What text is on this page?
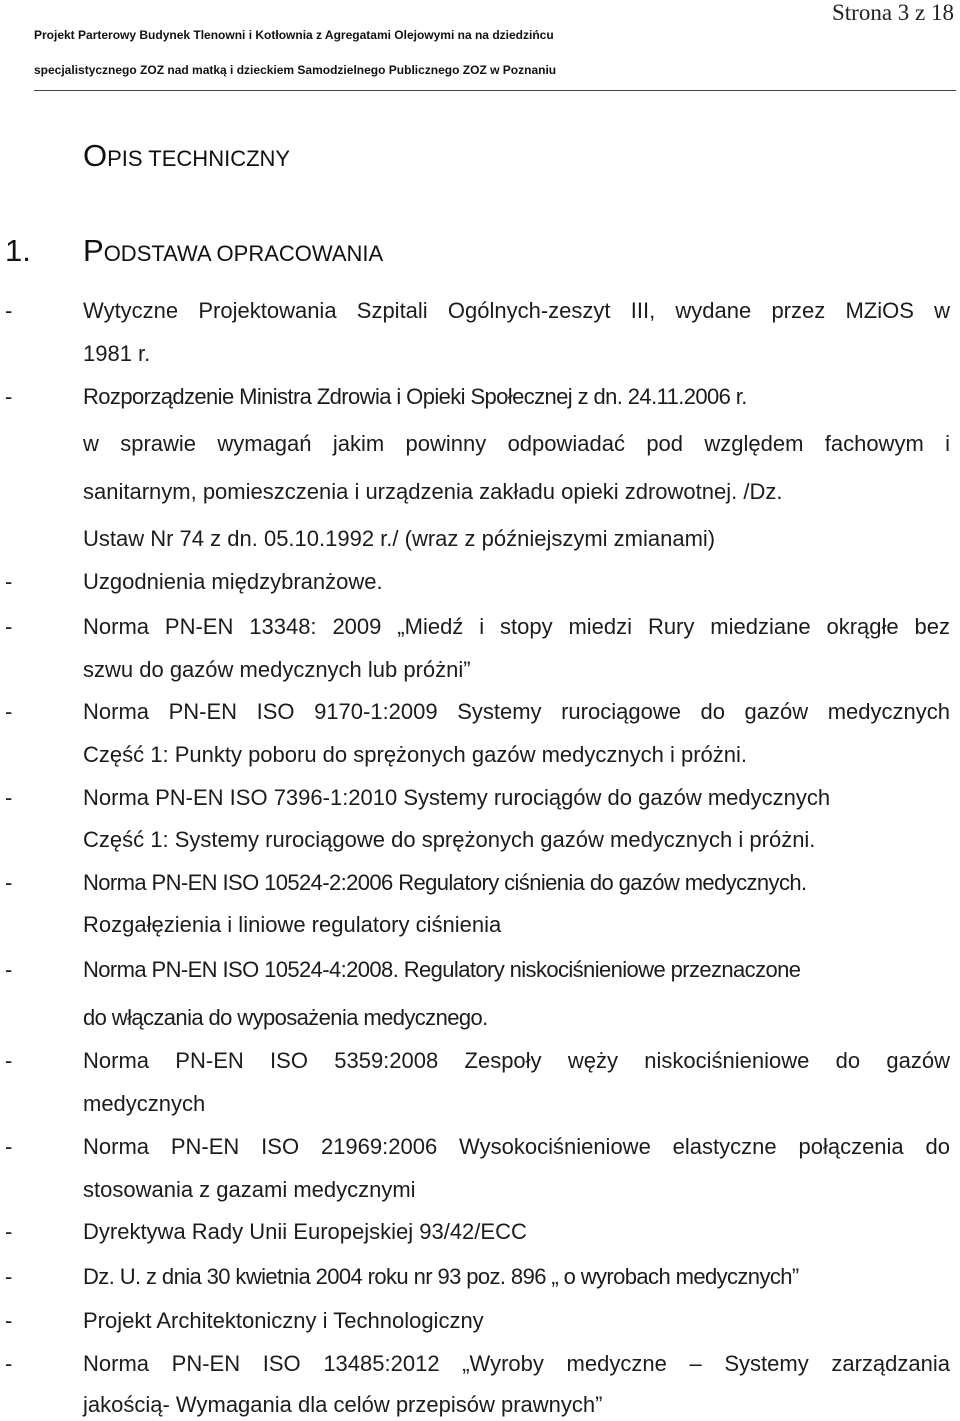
Strona 3 z 18
Projekt Parterowy Budynek Tlenowni i Kotłownia z Agregatami Olejowymi na na dziedzińcu
specjalistycznego ZOZ nad matką i dzieckiem Samodzielnego Publicznego ZOZ w Poznaniu
OPIS TECHNICZNY
1. PODSTAWA OPRACOWANIA
-	Wytyczne Projektowania Szpitali Ogólnych-zeszyt III, wydane przez MZiOS w
1981 r.
-	Rozporządzenie Ministra Zdrowia i Opieki Społecznej z dn. 24.11.2006 r.
w sprawie wymagań jakim powinny odpowiadać pod względem fachowym i
sanitarnym, pomieszczenia i urządzenia zakładu opieki zdrowotnej. /Dz.
Ustaw Nr 74 z dn. 05.10.1992 r./ (wraz z późniejszymi zmianami)
-	Uzgodnienia międzybranżowe.
-	Norma PN-EN 13348: 2009 „Miedź i stopy miedzi Rury miedziane okrągłe bez
szwu do gazów medycznych lub próżni”
-	Norma PN-EN ISO 9170-1:2009 Systemy rurociągowe do gazów medycznych
Część 1: Punkty poboru do sprężonych gazów medycznych i próżni.
-	Norma PN-EN ISO 7396-1:2010 Systemy rurociągów do gazów medycznych
Część 1: Systemy rurociągowe do sprężonych gazów medycznych i próżni.
-	Norma PN-EN ISO 10524-2:2006 Regulatory ciśnienia do gazów medycznych.
Rozgałęzienia i liniowe regulatory ciśnienia
-	Norma PN-EN ISO 10524-4:2008. Regulatory niskociśnieniowe przeznaczone
do włączania do wyposażenia medycznego.
-	Norma PN-EN ISO 5359:2008 Zespoły węży niskociśnieniowe do gazów
medycznych
-	Norma PN-EN ISO 21969:2006 Wysokociśnieniowe elastyczne połączenia do
stosowania z gazami medycznymi
-	Dyrektywa Rady Unii Europejskiej 93/42/ECC
-	Dz. U. z dnia 30 kwietnia 2004 roku nr 93 poz. 896 „ o wyrobach medycznych”
-	Projekt Architektoniczny i Technologiczny
-	Norma PN-EN ISO 13485:2012 „Wyroby medyczne – Systemy zarządzania
jakością- Wymagania dla celów przepisów prawnych”
